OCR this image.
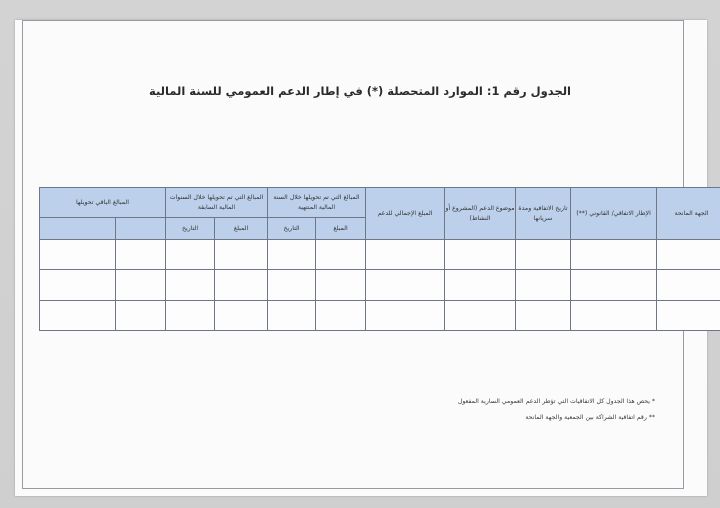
الجدول رقم 1: الموارد المتحصلة (*) في إطار الدعم العمومي للسنة المالية
الجهة المانحة	الإطار الاتفاقي/ القانوني (**)	تاريخ الاتفاقية ومدة سريانها	موضوع الدعم (المشروع أو النشاط)	المبلغ الإجمالي للدعم	المبالغ التي تم تحويلها خلال السنة المالية المنتهية		المبالغ التي تم تحويلها خلال السنوات المالية السابقة		المبالغ الباقي تحويلها	
					المبلغ	التاريخ	المبلغ	التاريخ		

* يحص هذا الجدول كل الاتفاقيات التي تؤطر الدعم العمومي السارية المفعول
** رقم اتفاقية الشراكة بين الجمعية والجهة المانحة
